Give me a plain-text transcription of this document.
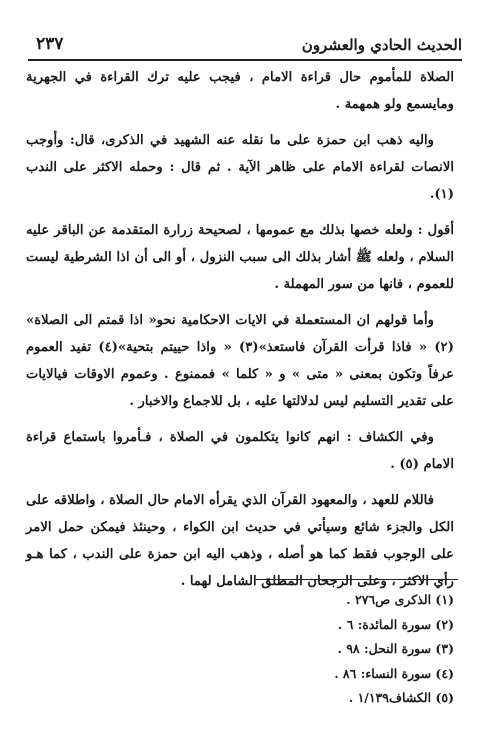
الحديث الحادي والعشرون
٢٣٧

الصلاة للمأموم حال قراءة الامام ، فيجب عليه ترك القراءة في الجهرية ومايسمع ولو همهمة .

واليه ذهب ابن حمزة على ما نقله عنه الشهيد في الذكرى، قال: وأوجب الانصات لقراءة الامام على ظاهر الآية . ثم قال : وحمله الاكثر على الندب (١).

أقول : ولعله خصها بذلك مع عمومها ، لصحيحة زرارة المتقدمة عن الباقر عليه السلام ، ولعله ﷺ أشار بذلك الى سبب النزول ، أو الى أن اذا الشرطية ليست للعموم ، فانها من سور المهملة .

وأما قولهم ان المستعملة في الايات الاحكامية نحو« اذا قمتم الى الصلاة» (٢) « فاذا قرأت القرآن فاستعذ»(٣) « واذا حييتم بتحية»(٤) تفيد العموم عرفاً وتكون بمعنى « متى » و « كلما » فممنوع . وعموم الاوقات فيالايات على تقدير التسليم ليس لدلالتها عليه ، بل للاجماع والاخبار .

وفي الكشاف : انهم كانوا يتكلمون في الصلاة ، فـأمروا باستماع قراءة الامام (٥) .

فاللام للعهد ، والمعهود القرآن الذي يقرأه الامام حال الصلاة ، واطلاقه على الكل والجزء شائع وسيأتي في حديث ابن الكواء ، وحينئذ فيمكن حمل الامر على الوجوب فقط كما هو أصله ، وذهب اليه ابن حمزة على الندب ، كما هـو رأي الاكثر ، وعلى الرجحان المطلق الشامل لهما .

(١) الذكرى ص٢٧٦ .
(٢) سورة المائدة: ٦ .
(٣) سورة النحل: ٩٨ .
(٤) سورة النساء: ٨٦ .
(٥) الكشاف١/١٣٩ .
